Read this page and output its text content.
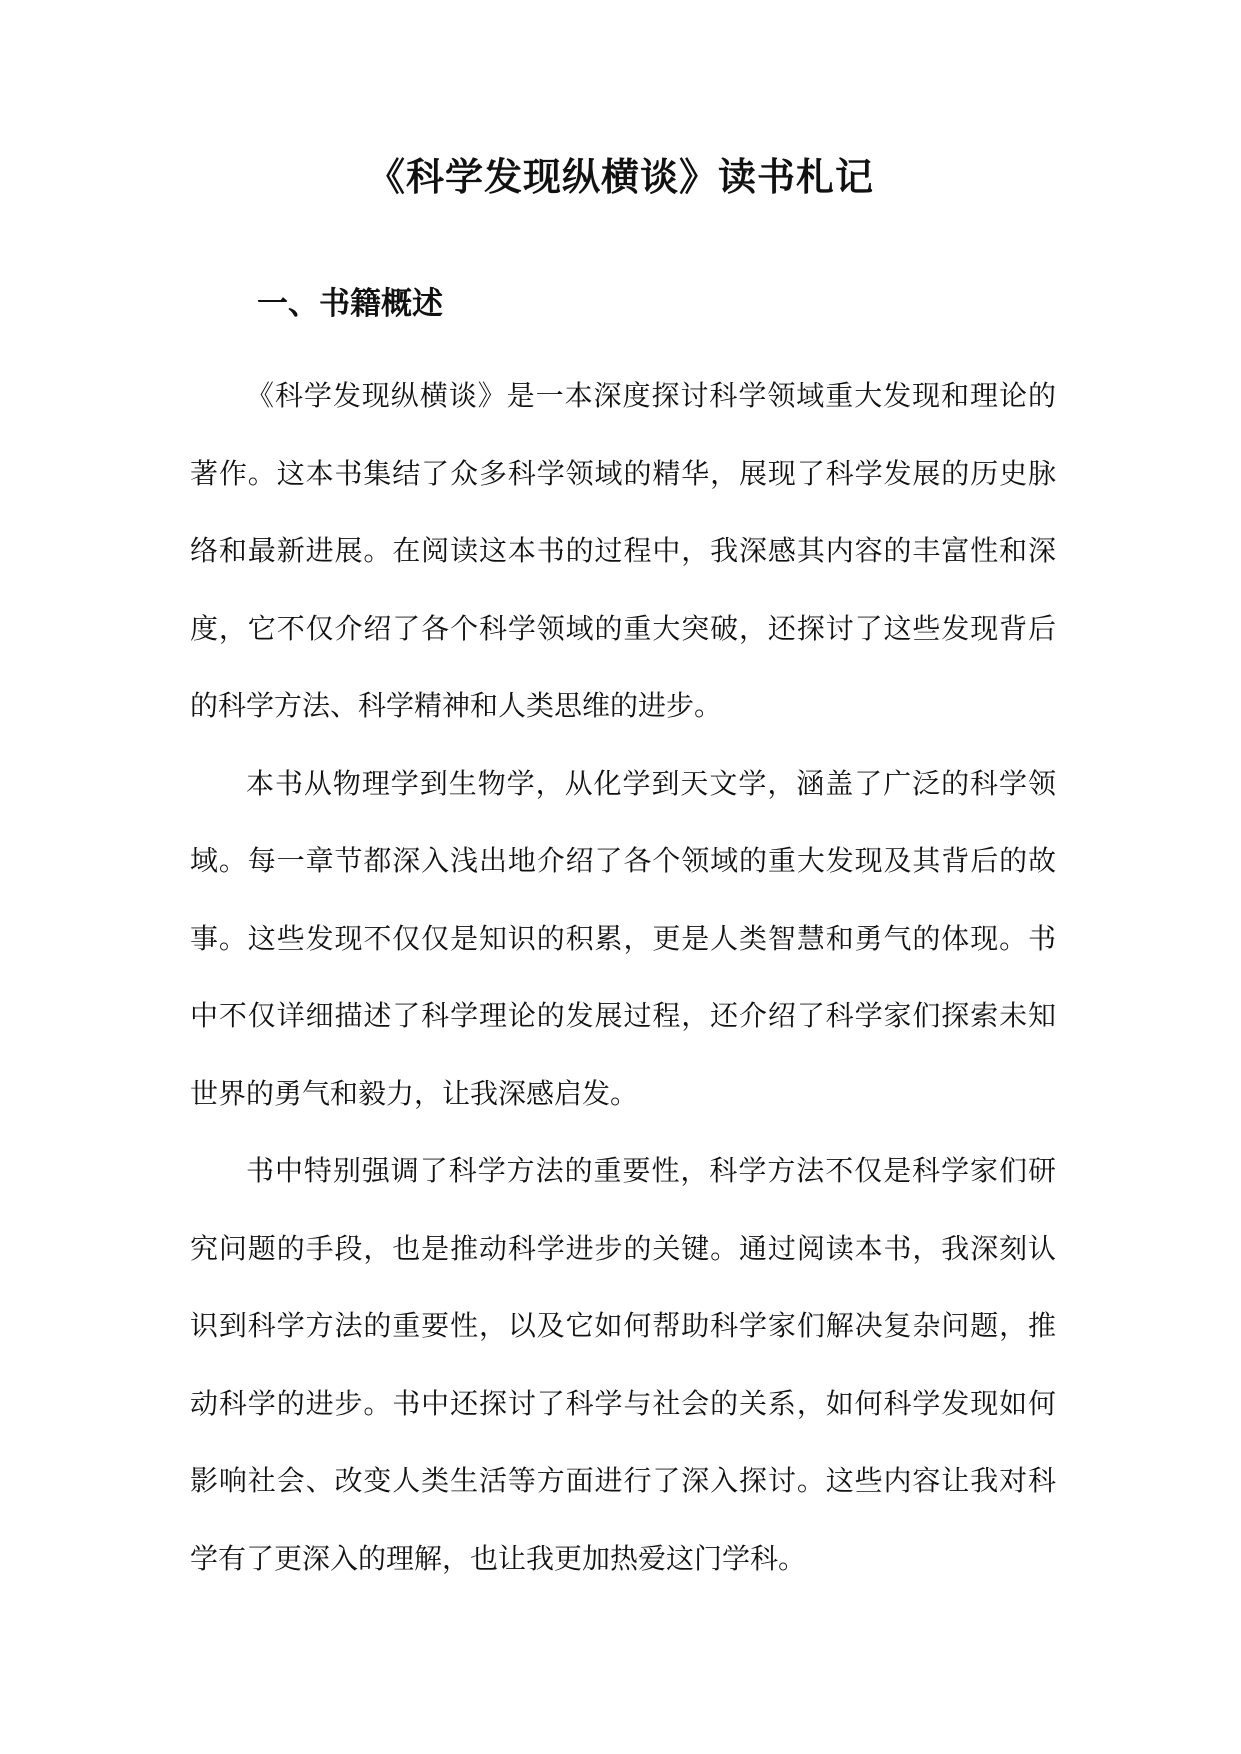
《科学发现纵横谈》读书札记
一、书籍概述

《科学发现纵横谈》是一本深度探讨科学领域重大发现和理论的著作。这本书集结了众多科学领域的精华，展现了科学发展的历史脉络和最新进展。在阅读这本书的过程中，我深感其内容的丰富性和深度，它不仅介绍了各个科学领域的重大突破，还探讨了这些发现背后的科学方法、科学精神和人类思维的进步。

本书从物理学到生物学，从化学到天文学，涵盖了广泛的科学领域。每一章节都深入浅出地介绍了各个领域的重大发现及其背后的故事。这些发现不仅仅是知识的积累，更是人类智慧和勇气的体现。书中不仅详细描述了科学理论的发展过程，还介绍了科学家们探索未知世界的勇气和毅力，让我深感启发。

书中特别强调了科学方法的重要性，科学方法不仅是科学家们研究问题的手段，也是推动科学进步的关键。通过阅读本书，我深刻认识到科学方法的重要性，以及它如何帮助科学家们解决复杂问题，推动科学的进步。书中还探讨了科学与社会的关系，如何科学发现如何影响社会、改变人类生活等方面进行了深入探讨。这些内容让我对科学有了更深入的理解，也让我更加热爱这门学科。
